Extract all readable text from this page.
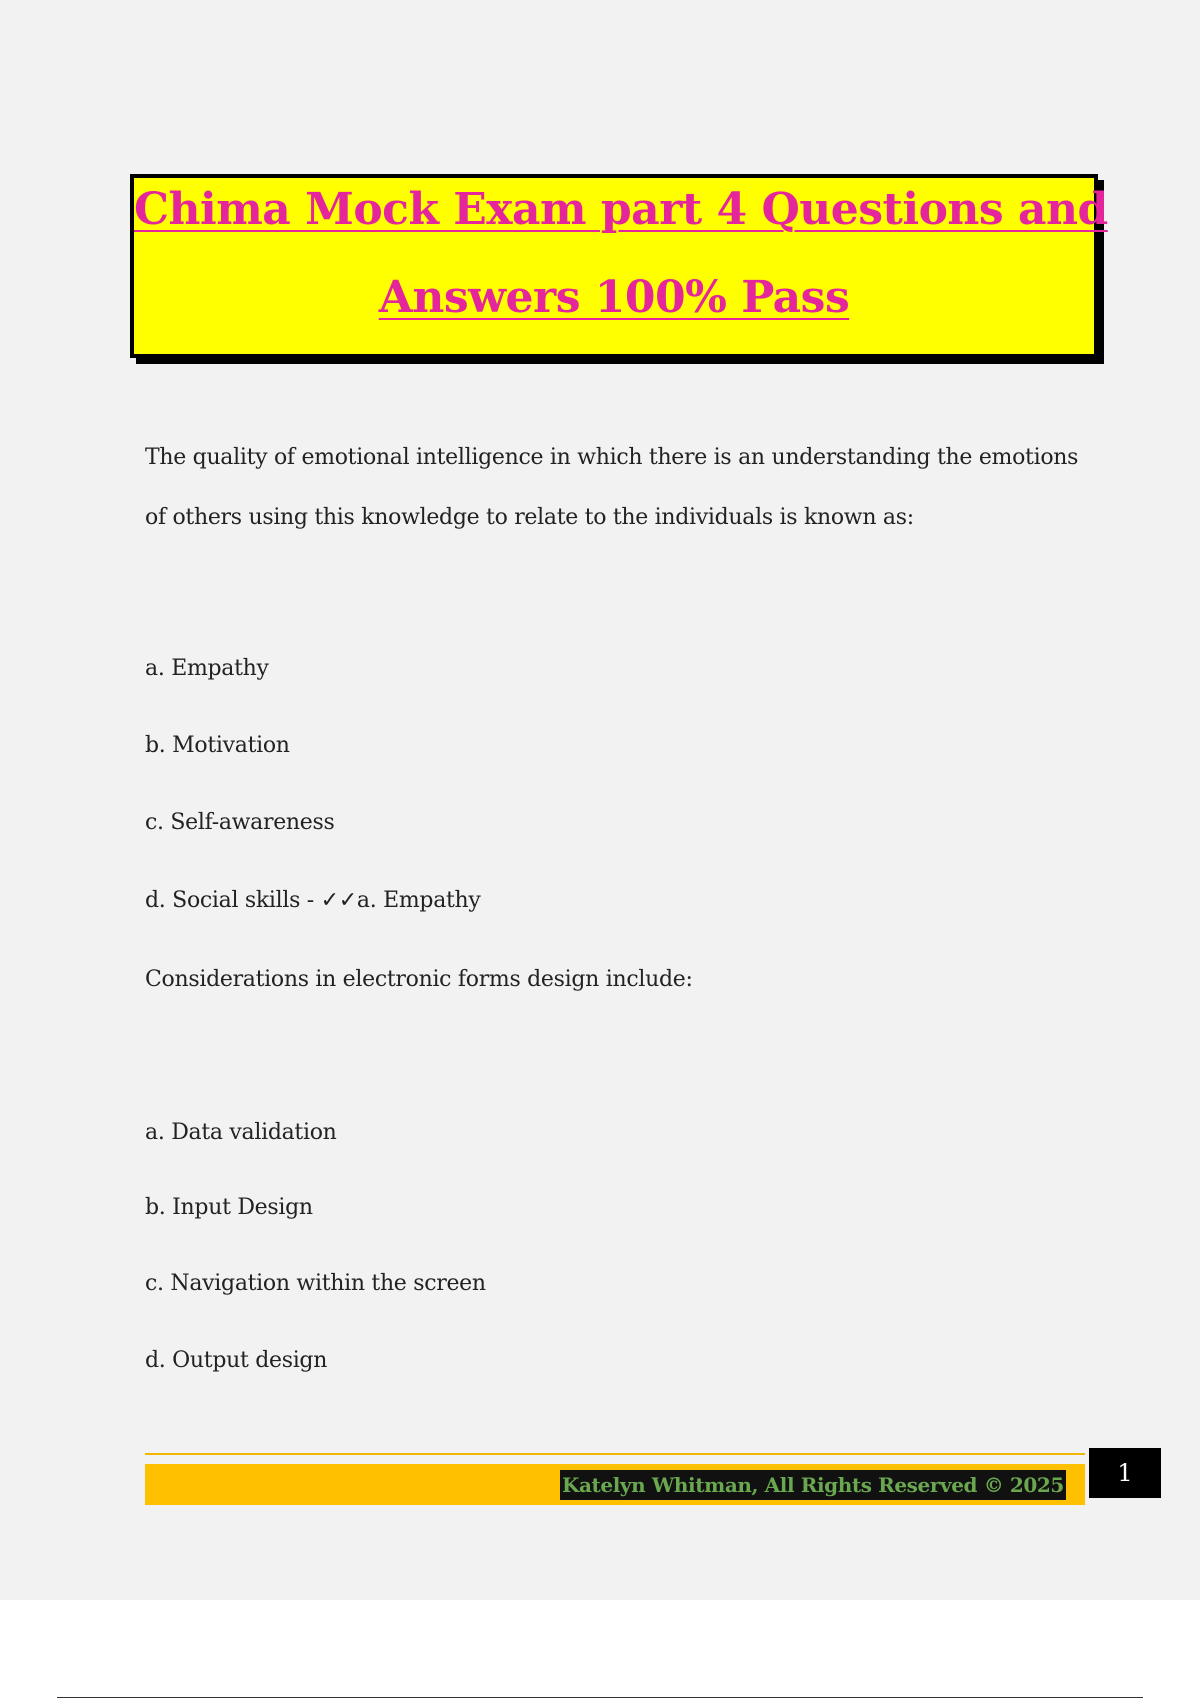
Chima Mock Exam part 4 Questions and
Answers 100% Pass
The quality of emotional intelligence in which there is an understanding the emotions
of others using this knowledge to relate to the individuals is known as:
a. Empathy
b. Motivation
c. Self-awareness
d. Social skills - ✓✓a. Empathy
Considerations in electronic forms design include:
a. Data validation
b. Input Design
c. Navigation within the screen
d. Output design
Katelyn Whitman, All Rights Reserved © 2025	1
